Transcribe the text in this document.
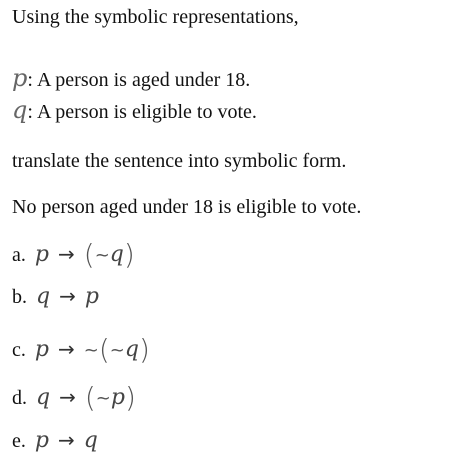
Using the symbolic representations,
p: A person is aged under 18.
q: A person is eligible to vote.
translate the sentence into symbolic form.
No person aged under 18 is eligible to vote.
a. p → (~q)
b. q → p
c. p → ~(~q)
d. q → (~p)
e. p → q
